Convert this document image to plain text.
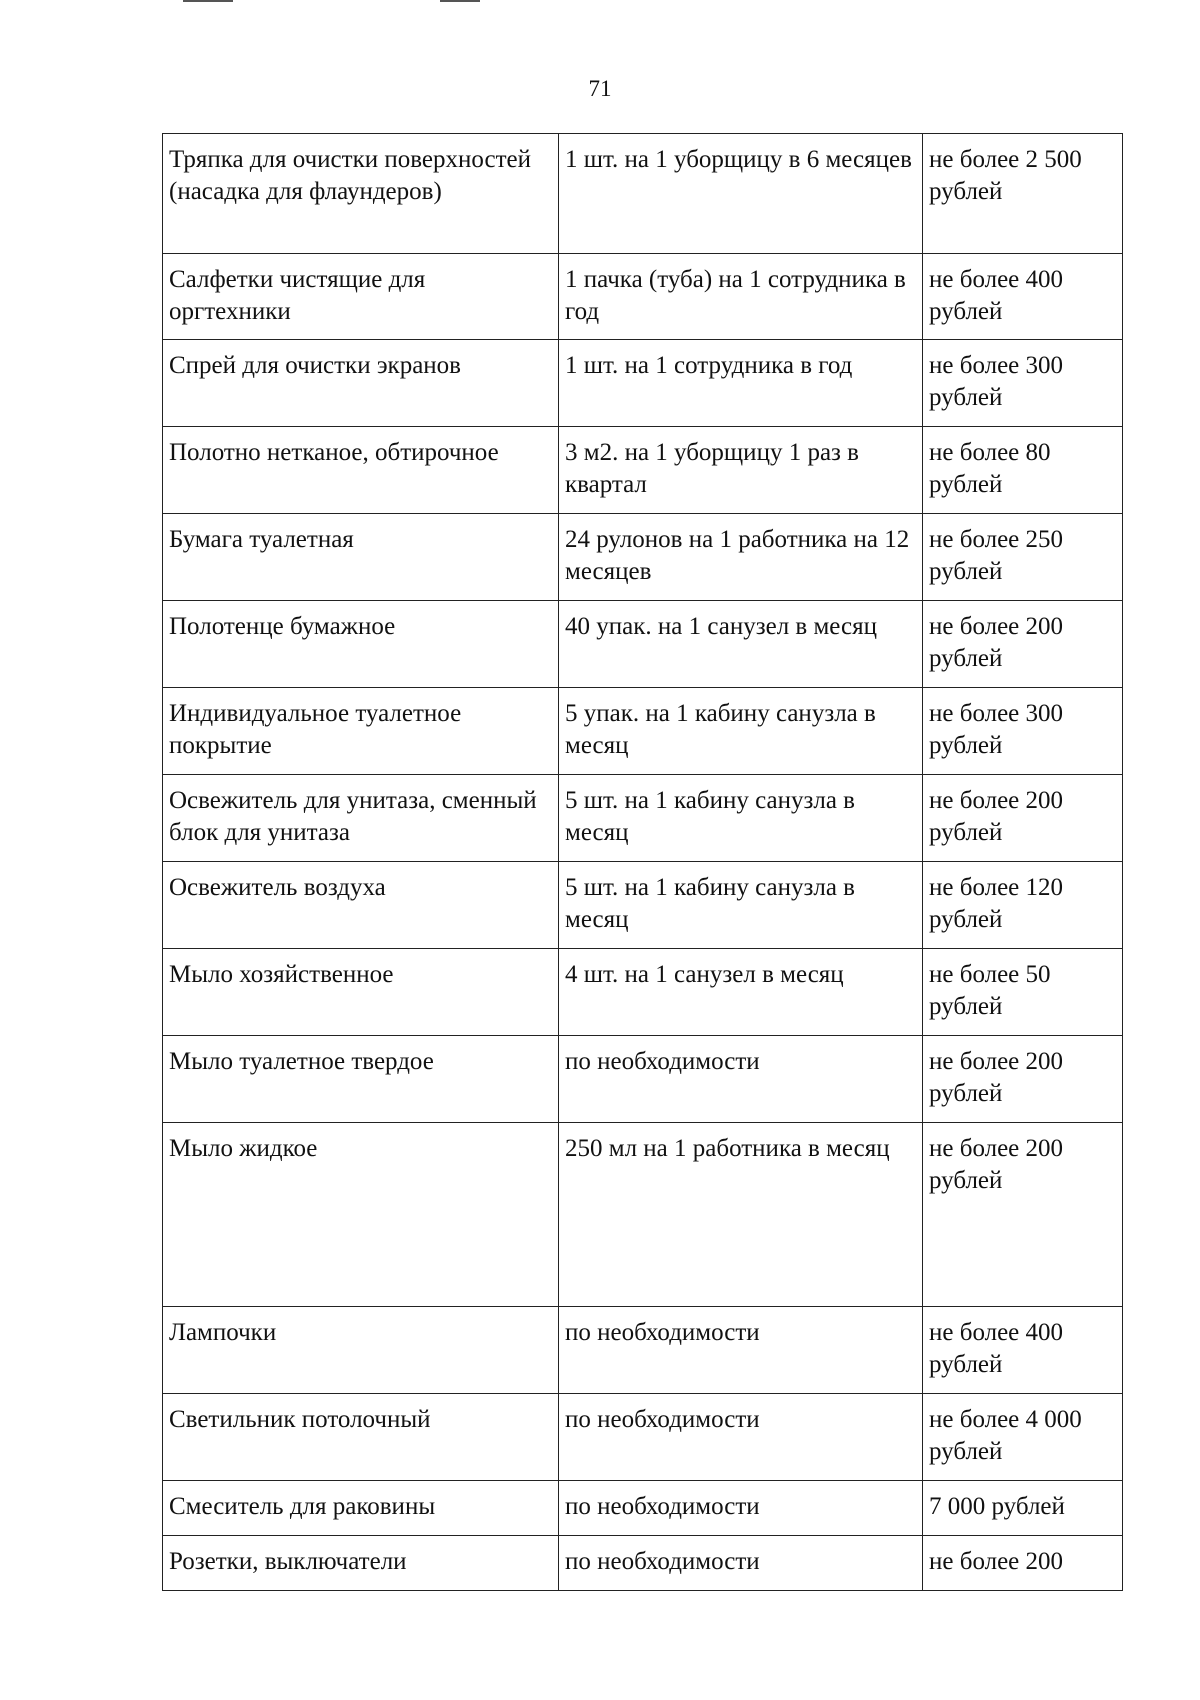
71
Тряпка для очистки поверхностей (насадка для флаундеров)	1 шт. на 1 уборщицу в 6 месяцев	не более 2 500 рублей
Салфетки чистящие для оргтехники	1 пачка (туба) на 1 сотрудника в год	не более 400 рублей
Спрей для очистки экранов	1 шт. на 1 сотрудника в год	не более 300 рублей
Полотно нетканое, обтирочное	3 м2. на 1 уборщицу 1 раз в квартал	не более 80 рублей
Бумага туалетная	24 рулонов на 1 работника на 12 месяцев	не более 250 рублей
Полотенце бумажное	40 упак. на 1 санузел в месяц	не более 200 рублей
Индивидуальное туалетное покрытие	5 упак. на 1 кабину санузла в месяц	не более 300 рублей
Освежитель для унитаза, сменный блок для унитаза	5 шт. на 1 кабину санузла в месяц	не более 200 рублей
Освежитель воздуха	5 шт. на 1 кабину санузла в месяц	не более 120 рублей
Мыло хозяйственное	4 шт. на 1 санузел в месяц	не более 50 рублей
Мыло туалетное твердое	по необходимости	не более 200 рублей
Мыло жидкое	250 мл на 1 работника в месяц	не более 200 рублей
Лампочки	по необходимости	не более 400 рублей
Светильник потолочный	по необходимости	не более 4 000 рублей
Смеситель для раковины	по необходимости	7 000 рублей
Розетки, выключатели	по необходимости	не более 200
